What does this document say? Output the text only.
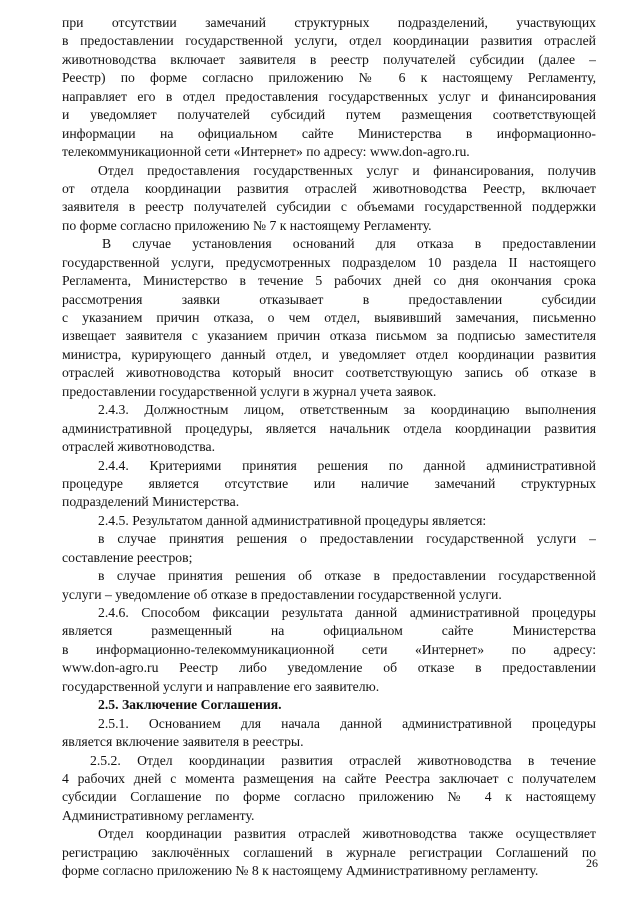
при отсутствии замечаний структурных подразделений, участвующих
в предоставлении государственной услуги, отдел координации развития отраслей
животноводства включает заявителя в реестр получателей субсидии (далее –
Реестр) по форме согласно приложению № 6 к настоящему Регламенту,
направляет его в отдел предоставления государственных услуг и финансирования
и уведомляет получателей субсидий путем размещения соответствующей
информации на официальном сайте Министерства в информационно-
телекоммуникационной сети «Интернет» по адресу: www.don-agro.ru.
Отдел предоставления государственных услуг и финансирования, получив
от отдела координации развития отраслей животноводства Реестр, включает
заявителя в реестр получателей субсидии с объемами государственной поддержки
по форме согласно приложению № 7 к настоящему Регламенту.
В случае установления оснований для отказа в предоставлении
государственной услуги, предусмотренных подразделом 10 раздела II настоящего
Регламента, Министерство в течение 5 рабочих дней со дня окончания срока
рассмотрения заявки отказывает в предоставлении субсидии
с указанием причин отказа, о чем отдел, выявивший замечания, письменно
извещает заявителя с указанием причин отказа письмом за подписью заместителя
министра, курирующего данный отдел, и уведомляет отдел координации развития
отраслей животноводства который вносит соответствующую запись об отказе в
предоставлении государственной услуги в журнал учета заявок.
2.4.3. Должностным лицом, ответственным за координацию выполнения
административной процедуры, является начальник отдела координации развития
отраслей животноводства.
2.4.4. Критериями принятия решения по данной административной
процедуре является отсутствие или наличие замечаний структурных
подразделений Министерства.
2.4.5. Результатом данной административной процедуры является:
в случае принятия решения о предоставлении государственной услуги –
составление реестров;
в случае принятия решения об отказе в предоставлении государственной
услуги – уведомление об отказе в предоставлении государственной услуги.
2.4.6. Способом фиксации результата данной административной процедуры
является размещенный на официальном сайте Министерства
в информационно-телекоммуникационной сети «Интернет» по адресу:
www.don-agro.ru Реестр либо уведомление об отказе в предоставлении
государственной услуги и направление его заявителю.
2.5. Заключение Соглашения.
2.5.1. Основанием для начала данной административной процедуры
является включение заявителя в реестры.
2.5.2. Отдел координации развития отраслей животноводства в течение
4 рабочих дней с момента размещения на сайте Реестра заключает с получателем
субсидии Соглашение по форме согласно приложению № 4 к настоящему
Административному регламенту.
Отдел координации развития отраслей животноводства также осуществляет
регистрацию заключённых соглашений в журнале регистрации Соглашений по
форме согласно приложению № 8 к настоящему Административному регламенту.
26
